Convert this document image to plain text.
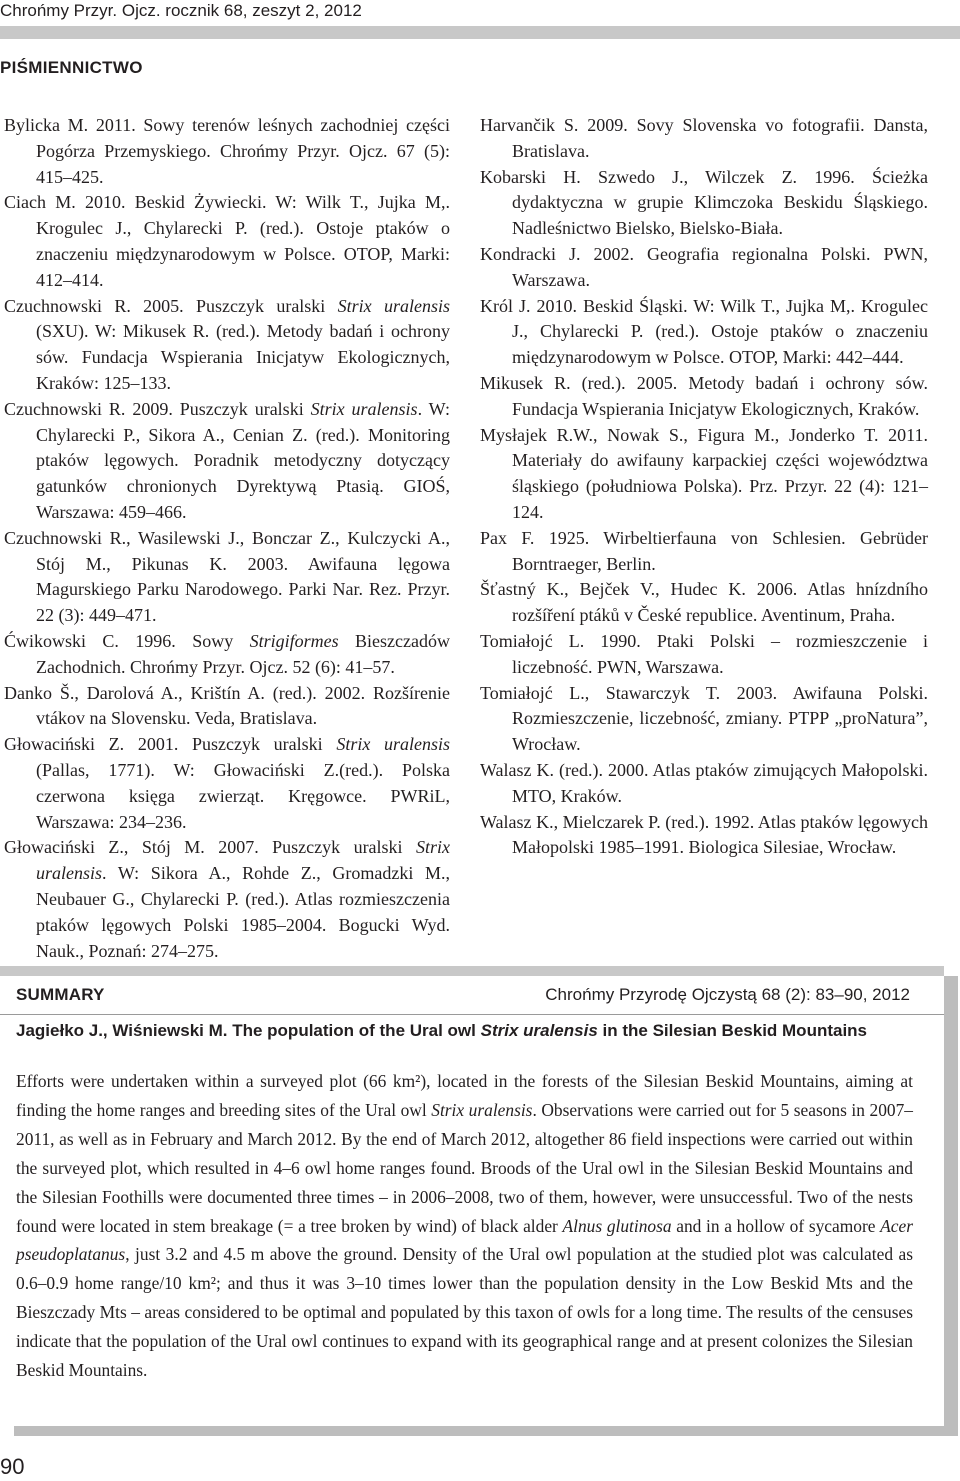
Chrońmy Przyr. Ojcz. rocznik 68, zeszyt 2, 2012
PIŚMIENNICTWO

Bylicka M. 2011. Sowy terenów leśnych zachodniej części Pogórza Przemyskiego. Chrońmy Przyr. Ojcz. 67 (5): 415–425.

Ciach M. 2010. Beskid Żywiecki. W: Wilk T., Jujka M,. Krogulec J., Chylarecki P. (red.). Ostoje ptaków o znaczeniu międzynarodowym w Polsce. OTOP, Marki: 412–414.

Czuchnowski R. 2005. Puszczyk uralski Strix uralensis (SXU). W: Mikusek R. (red.). Metody badań i ochrony sów. Fundacja Wspierania Inicjatyw Ekologicznych, Kraków: 125–133.

Czuchnowski R. 2009. Puszczyk uralski Strix uralensis. W: Chylarecki P., Sikora A., Cenian Z. (red.). Monitoring ptaków lęgowych. Poradnik metodyczny dotyczący gatunków chronionych Dyrektywą Ptasią. GIOŚ, Warszawa: 459–466.

Czuchnowski R., Wasilewski J., Bonczar Z., Kulczycki A., Stój M., Pikunas K. 2003. Awifauna lęgowa Magurskiego Parku Narodowego. Parki Nar. Rez. Przyr. 22 (3): 449–471.

Ćwikowski C. 1996. Sowy Strigiformes Bieszczadów Zachodnich. Chrońmy Przyr. Ojcz. 52 (6): 41–57.

Danko Š., Darolová A., Krištín A. (red.). 2002. Rozšírenie vtákov na Slovensku. Veda, Bratislava.

Głowaciński Z. 2001. Puszczyk uralski Strix uralensis (Pallas, 1771). W: Głowaciński Z.(red.). Polska czerwona księga zwierząt. Kręgowce. PWRiL, Warszawa: 234–236.

Głowaciński Z., Stój M. 2007. Puszczyk uralski Strix uralensis. W: Sikora A., Rohde Z., Gromadzki M., Neubauer G., Chylarecki P. (red.). Atlas rozmieszczenia ptaków lęgowych Polski 1985–2004. Bogucki Wyd. Nauk., Poznań: 274–275.

Harvančik S. 2009. Sovy Slovenska vo fotografii. Dansta, Bratislava.

Kobarski H. Szwedo J., Wilczek Z. 1996. Ścieżka dydaktyczna w grupie Klimczoka Beskidu Śląskiego. Nadleśnictwo Bielsko, Bielsko-Biała.

Kondracki J. 2002. Geografia regionalna Polski. PWN, Warszawa.

Król J. 2010. Beskid Śląski. W: Wilk T., Jujka M,. Krogulec J., Chylarecki P. (red.). Ostoje ptaków o znaczeniu międzynarodowym w Polsce. OTOP, Marki: 442–444.

Mikusek R. (red.). 2005. Metody badań i ochrony sów. Fundacja Wspierania Inicjatyw Ekologicznych, Kraków.

Mysłajek R.W., Nowak S., Figura M., Jonderko T. 2011. Materiały do awifauny karpackiej części województwa śląskiego (południowa Polska). Prz. Przyr. 22 (4): 121–124.

Pax F. 1925. Wirbeltierfauna von Schlesien. Gebrüder Borntraeger, Berlin.

Šťastný K., Bejček V., Hudec K. 2006. Atlas hnízdního rozšíření ptáků v České republice. Aventinum, Praha.

Tomiałojć L. 1990. Ptaki Polski – rozmieszczenie i liczebność. PWN, Warszawa.

Tomiałojć L., Stawarczyk T. 2003. Awifauna Polski. Rozmieszczenie, liczebność, zmiany. PTPP „proNatura”, Wrocław.

Walasz K. (red.). 2000. Atlas ptaków zimujących Małopolski. MTO, Kraków.

Walasz K., Mielczarek P. (red.). 1992. Atlas ptaków lęgowych Małopolski 1985–1991. Biologica Silesiae, Wrocław.

SUMMARY	Chrońmy Przyrodę Ojczystą 68 (2): 83–90, 2012
Jagiełko J., Wiśniewski M. The population of the Ural owl Strix uralensis in the Silesian Beskid Mountains

Efforts were undertaken within a surveyed plot (66 km²), located in the forests of the Silesian Beskid Mountains, aiming at finding the home ranges and breeding sites of the Ural owl Strix uralensis. Observations were carried out for 5 seasons in 2007–2011, as well as in February and March 2012. By the end of March 2012, altogether 86 field inspections were carried out within the surveyed plot, which resulted in 4–6 owl home ranges found. Broods of the Ural owl in the Silesian Beskid Mountains and the Silesian Foothills were documented three times – in 2006–2008, two of them, however, were unsuccessful. Two of the nests found were located in stem breakage (= a tree broken by wind) of black alder Alnus glutinosa and in a hollow of sycamore Acer pseudoplatanus, just 3.2 and 4.5 m above the ground. Density of the Ural owl population at the studied plot was calculated as 0.6–0.9 home range/10 km²; and thus it was 3–10 times lower than the population density in the Low Beskid Mts and the Bieszczady Mts – areas considered to be optimal and populated by this taxon of owls for a long time. The results of the censuses indicate that the population of the Ural owl continues to expand with its geographical range and at present colonizes the Silesian Beskid Mountains.

90
